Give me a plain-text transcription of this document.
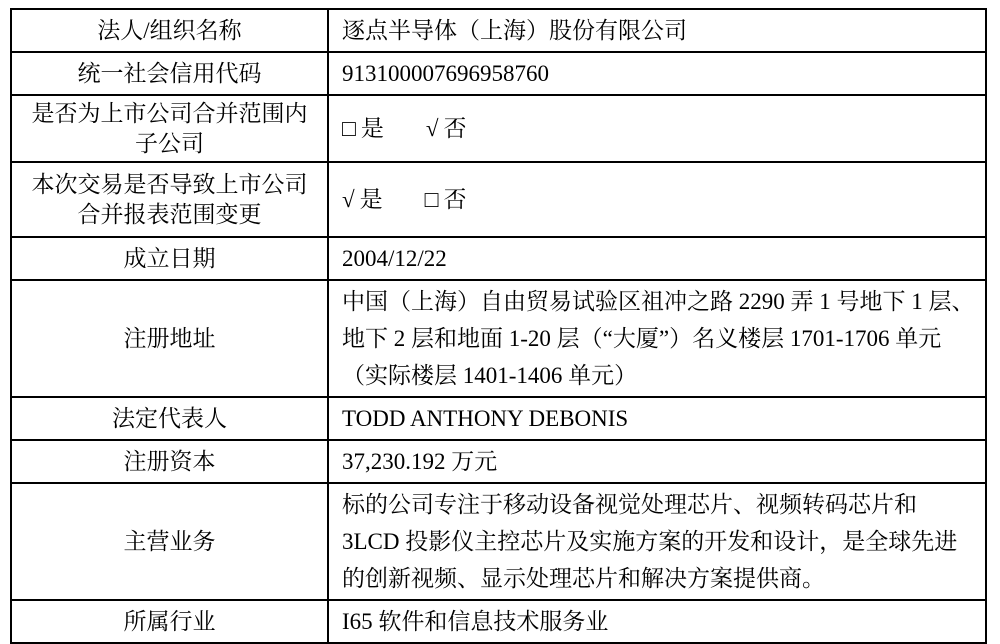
法人/组织名称	逐点半导体（上海）股份有限公司
统一社会信用代码	913100007696958760
是否为上市公司合并范围内子公司	□ 是 √ 否
本次交易是否导致上市公司合并报表范围变更	√ 是 □ 否
成立日期	2004/12/22
注册地址	中国（上海）自由贸易试验区祖冲之路 2290 弄 1 号地下 1 层、地下 2 层和地面 1-20 层（“大厦”）名义楼层 1701-1706 单元（实际楼层 1401-1406 单元）
法定代表人	TODD ANTHONY DEBONIS
注册资本	37,230.192 万元
主营业务	标的公司专注于移动设备视觉处理芯片、视频转码芯片和 3LCD 投影仪主控芯片及实施方案的开发和设计，是全球先进的创新视频、显示处理芯片和解决方案提供商。
所属行业	I65 软件和信息技术服务业
